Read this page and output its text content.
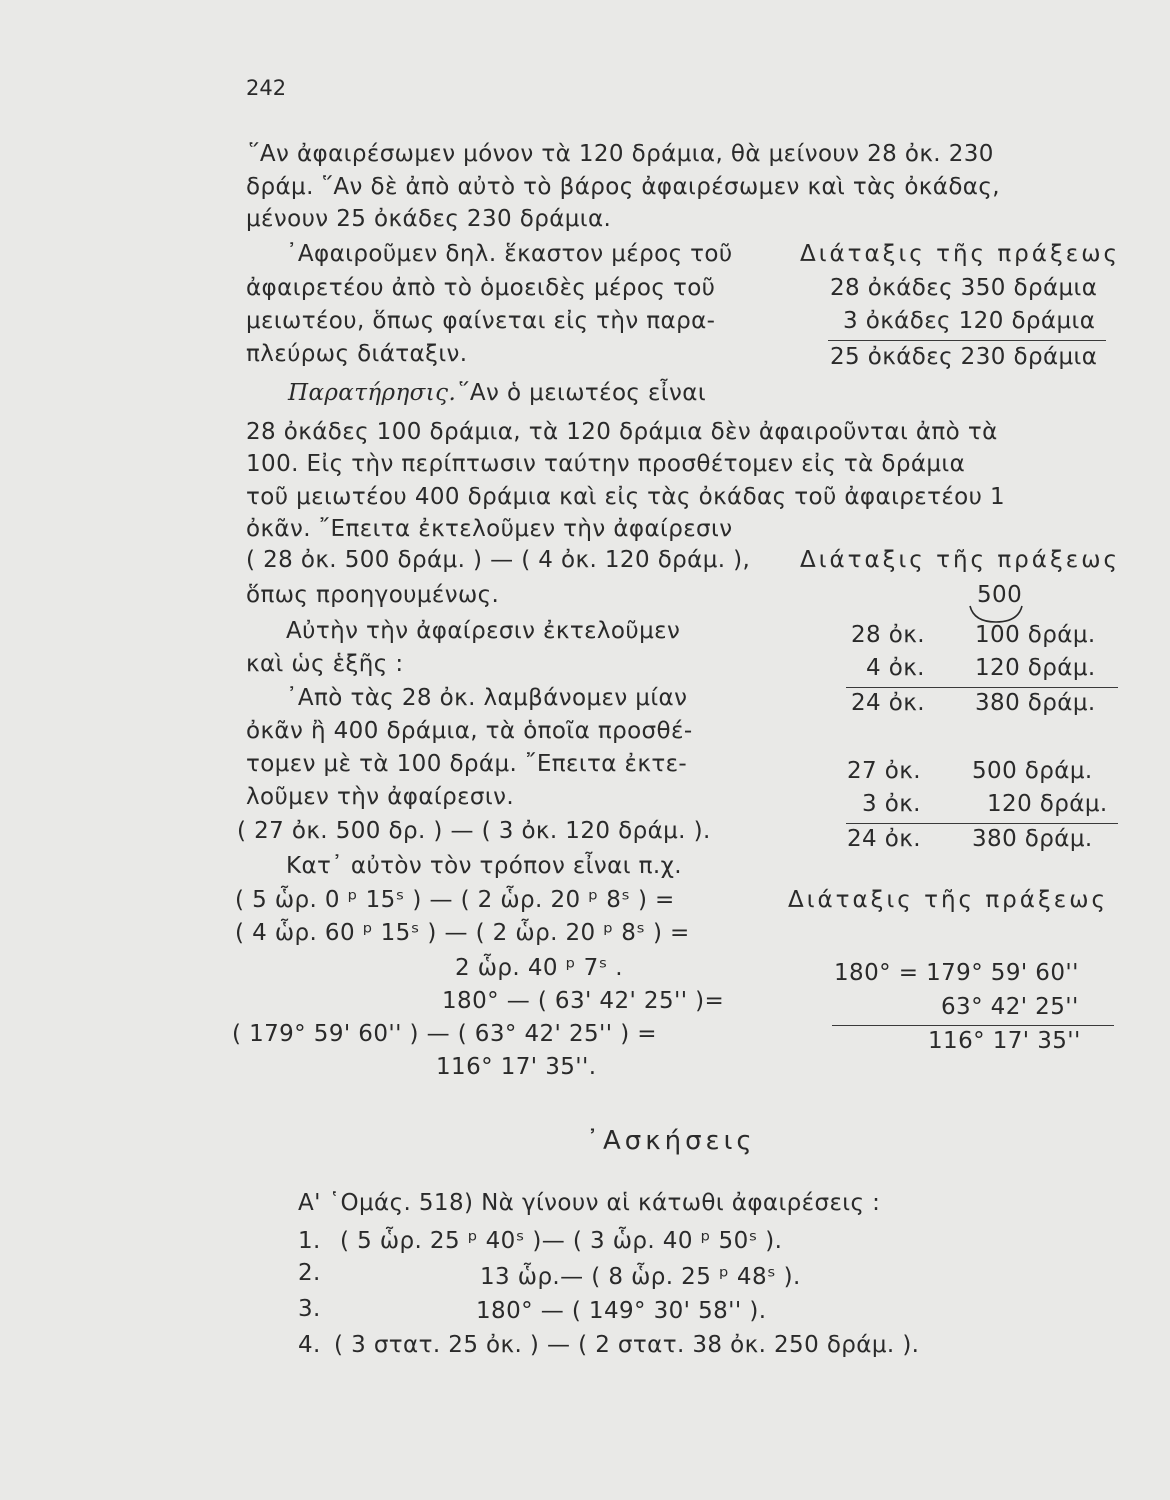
242
῞Αν ἀφαιρέσωμεν μόνον τὰ 120 δράμια, θὰ μείνουν 28 ὀκ. 230
δράμ. ῞Αν δὲ ἀπὸ αὐτὸ τὸ βάρος ἀφαιρέσωμεν καὶ τὰς ὀκάδας,
μένουν 25 ὀκάδες 230 δράμια.
᾿Αφαιροῦμεν δηλ. ἕκαστον μέρος τοῦ
ἀφαιρετέου ἀπὸ τὸ ὁμοειδὲς μέρος τοῦ
μειωτέου, ὅπως φαίνεται εἰς τὴν παρα-
πλεύρως διάταξιν.
Διάταξις τῆς πράξεως
28 ὀκάδες 350 δράμια
3 ὀκάδες 120 δράμια
25 ὀκάδες 230 δράμια
Παρατήρησις. ῞Αν ὁ μειωτέος εἶναι
28 ὀκάδες 100 δράμια, τὰ 120 δράμια δὲν ἀφαιροῦνται ἀπὸ τὰ
100. Εἰς τὴν περίπτωσιν ταύτην προσθέτομεν εἰς τὰ δράμια
τοῦ μειωτέου 400 δράμια καὶ εἰς τὰς ὀκάδας τοῦ ἀφαιρετέου 1
ὀκᾶν. ῎Επειτα ἐκτελοῦμεν τὴν ἀφαίρεσιν
( 28 ὀκ. 500 δράμ. ) — ( 4 ὀκ. 120 δράμ. ),
ὅπως προηγουμένως.
Αὐτὴν τὴν ἀφαίρεσιν ἐκτελοῦμεν
καὶ ὡς ἑξῆς :
᾿Απὸ τὰς 28 ὀκ. λαμβάνομεν μίαν
ὀκᾶν ἢ 400 δράμια, τὰ ὁποῖα προσθέ-
τομεν μὲ τὰ 100 δράμ. ῎Επειτα ἐκτε-
λοῦμεν τὴν ἀφαίρεσιν.
( 27 ὀκ. 500 δρ. ) — ( 3 ὀκ. 120 δράμ. ).
Κατ᾿ αὐτὸν τὸν τρόπον εἶναι π.χ.
Διάταξις τῆς πράξεως
500
28 ὀκ. 100 δράμ.
4 ὀκ. 120 δράμ.
24 ὀκ. 380 δράμ.
27 ὀκ. 500 δράμ.
3 ὀκ.	120 δράμ.
24 ὀκ. 380 δράμ.
( 5 ὧρ. 0 ᵖ 15ˢ ) — ( 2 ὧρ. 20 ᵖ 8ˢ ) =
( 4 ὧρ. 60 ᵖ 15ˢ ) — ( 2 ὧρ. 20 ᵖ 8ˢ ) =
2 ὧρ. 40 ᵖ 7ˢ .
180° — ( 63' 42' 25'' )=
( 179° 59' 60'' ) — ( 63° 42' 25'' ) =
116° 17' 35''.
Διάταξις τῆς πράξεως
180° = 179° 59' 60''
63° 42' 25''
116° 17' 35''
᾿Ασκήσεις
Α' ῾Ομάς. 518) Νὰ γίνουν αἱ κάτωθι ἀφαιρέσεις :
1. ( 5 ὧρ. 25 ᵖ 40ˢ )— ( 3 ὧρ. 40 ᵖ 50ˢ ).
2.	13 ὧρ.— ( 8 ὧρ. 25 ᵖ 48ˢ ).
3.	180° — ( 149° 30' 58'' ).
4. ( 3 στατ. 25 ὀκ. ) — ( 2 στατ. 38 ὀκ. 250 δράμ. ).
